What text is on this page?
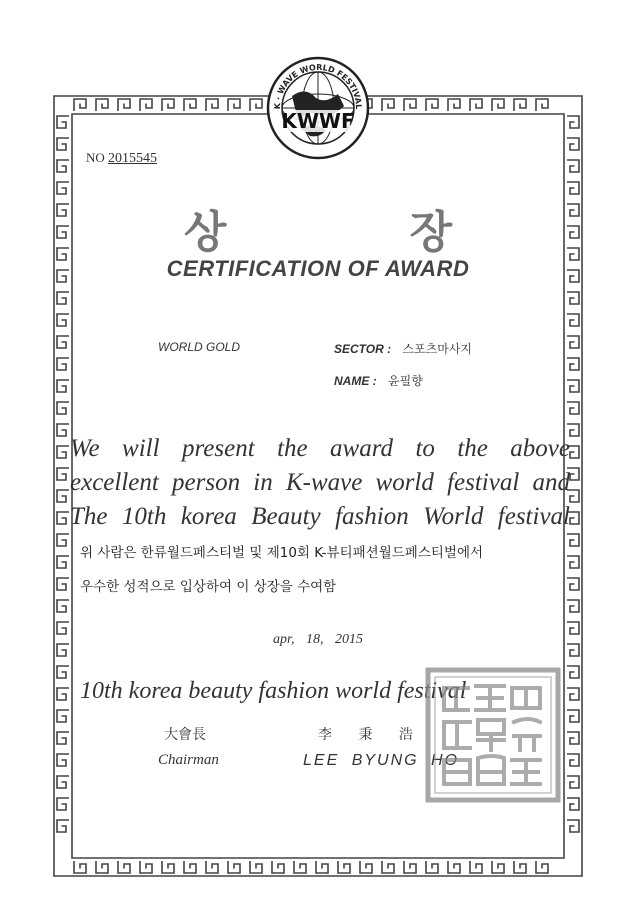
K · WAVE WORLD FESTIVAL
KWWF
NO 2015545
상 장
CERTIFICATION OF AWARD
WORLD GOLD	SECTOR : 스포츠마사지
NAME : 윤필향
We will present the award to the above
excellent person in K-wave world festival and
The 10th korea Beauty fashion World festival
위 사람은 한류월드페스티벌 및 제10회 K-뷰티패션월드페스티벌에서
우수한 성적으로 입상하여 이 상장을 수여함
apr, 18, 2015
10th korea beauty fashion world festival
大會長	李 秉 浩
Chairman	LEE BYUNG HO
